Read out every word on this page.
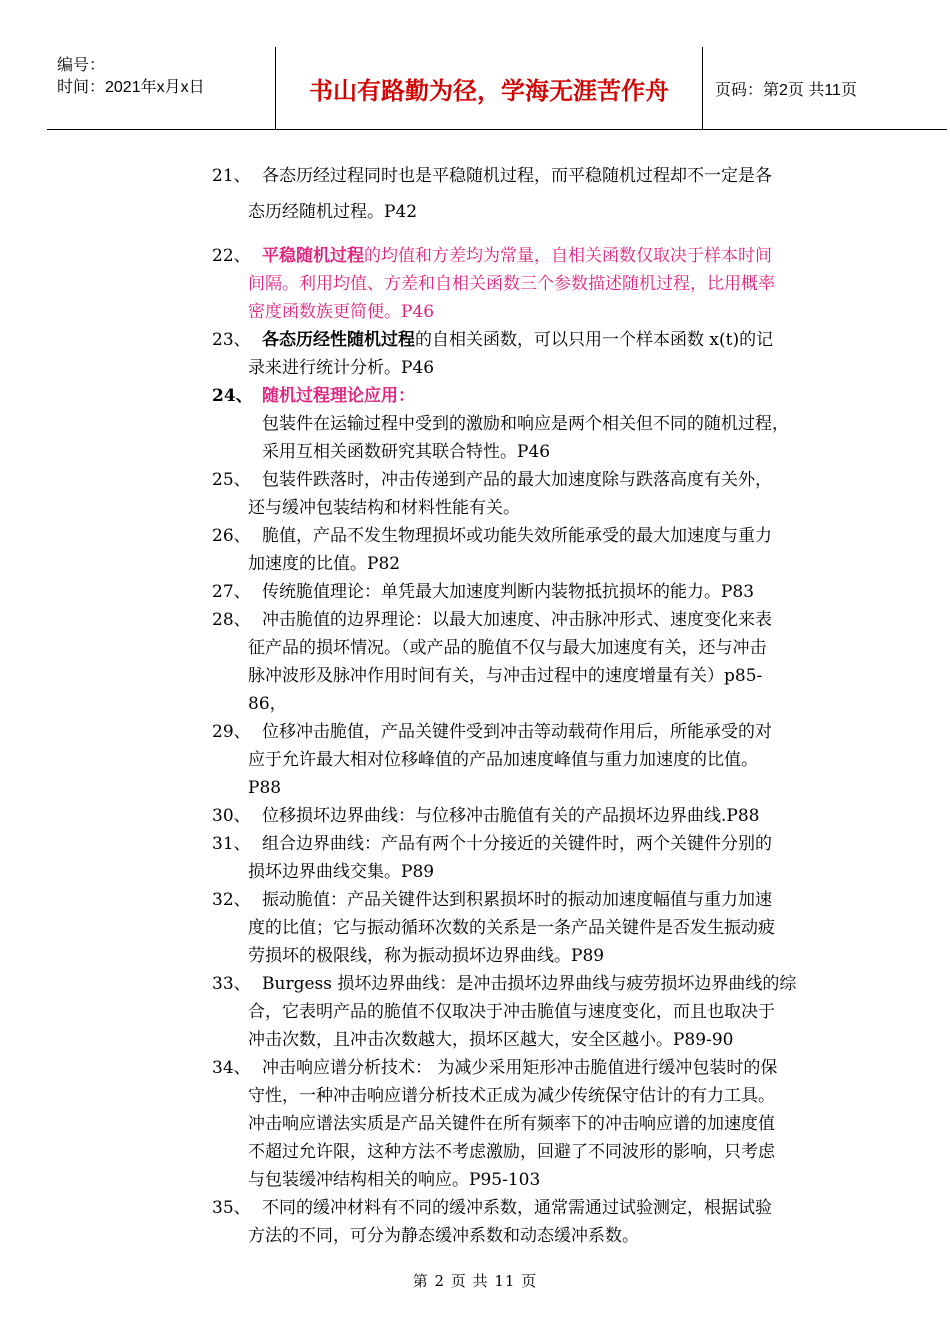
编号：
时间：2021年x月x日	书山有路勤为径，学海无涯苦作舟	页码：第2页 共11页
21、 各态历经过程同时也是平稳随机过程，而平稳随机过程却不一定是各
态历经随机过程。P42
22、 平稳随机过程的均值和方差均为常量，自相关函数仅取决于样本时间
间隔。利用均值、方差和自相关函数三个参数描述随机过程，比用概率
密度函数族更简便。P46
23、 各态历经性随机过程的自相关函数，可以只用一个样本函数 x(t)的记
录来进行统计分析。P46
24、 随机过程理论应用：
包装件在运输过程中受到的激励和响应是两个相关但不同的随机过程，
采用互相关函数研究其联合特性。P46
25、 包装件跌落时，冲击传递到产品的最大加速度除与跌落高度有关外，
还与缓冲包装结构和材料性能有关。
26、 脆值，产品不发生物理损坏或功能失效所能承受的最大加速度与重力
加速度的比值。P82
27、 传统脆值理论：单凭最大加速度判断内装物抵抗损坏的能力。P83
28、 冲击脆值的边界理论：以最大加速度、冲击脉冲形式、速度变化来表
征产品的损坏情况。（或产品的脆值不仅与最大加速度有关，还与冲击
脉冲波形及脉冲作用时间有关，与冲击过程中的速度增量有关）p85-
86，
29、 位移冲击脆值，产品关键件受到冲击等动载荷作用后，所能承受的对
应于允许最大相对位移峰值的产品加速度峰值与重力加速度的比值。
P88
30、 位移损坏边界曲线：与位移冲击脆值有关的产品损坏边界曲线.P88
31、 组合边界曲线：产品有两个十分接近的关键件时，两个关键件分别的
损坏边界曲线交集。P89
32、 振动脆值：产品关键件达到积累损坏时的振动加速度幅值与重力加速
度的比值；它与振动循环次数的关系是一条产品关键件是否发生振动疲
劳损坏的极限线，称为振动损坏边界曲线。P89
33、 Burgess 损坏边界曲线：是冲击损坏边界曲线与疲劳损坏边界曲线的综
合，它表明产品的脆值不仅取决于冲击脆值与速度变化，而且也取决于
冲击次数，且冲击次数越大，损坏区越大，安全区越小。P89-90
34、 冲击响应谱分析技术： 为减少采用矩形冲击脆值进行缓冲包装时的保
守性，一种冲击响应谱分析技术正成为减少传统保守估计的有力工具。
冲击响应谱法实质是产品关键件在所有频率下的冲击响应谱的加速度值
不超过允许限，这种方法不考虑激励，回避了不同波形的影响，只考虑
与包装缓冲结构相关的响应。P95-103
35、 不同的缓冲材料有不同的缓冲系数，通常需通过试验测定，根据试验
方法的不同，可分为静态缓冲系数和动态缓冲系数。
第 2 页 共 11 页
